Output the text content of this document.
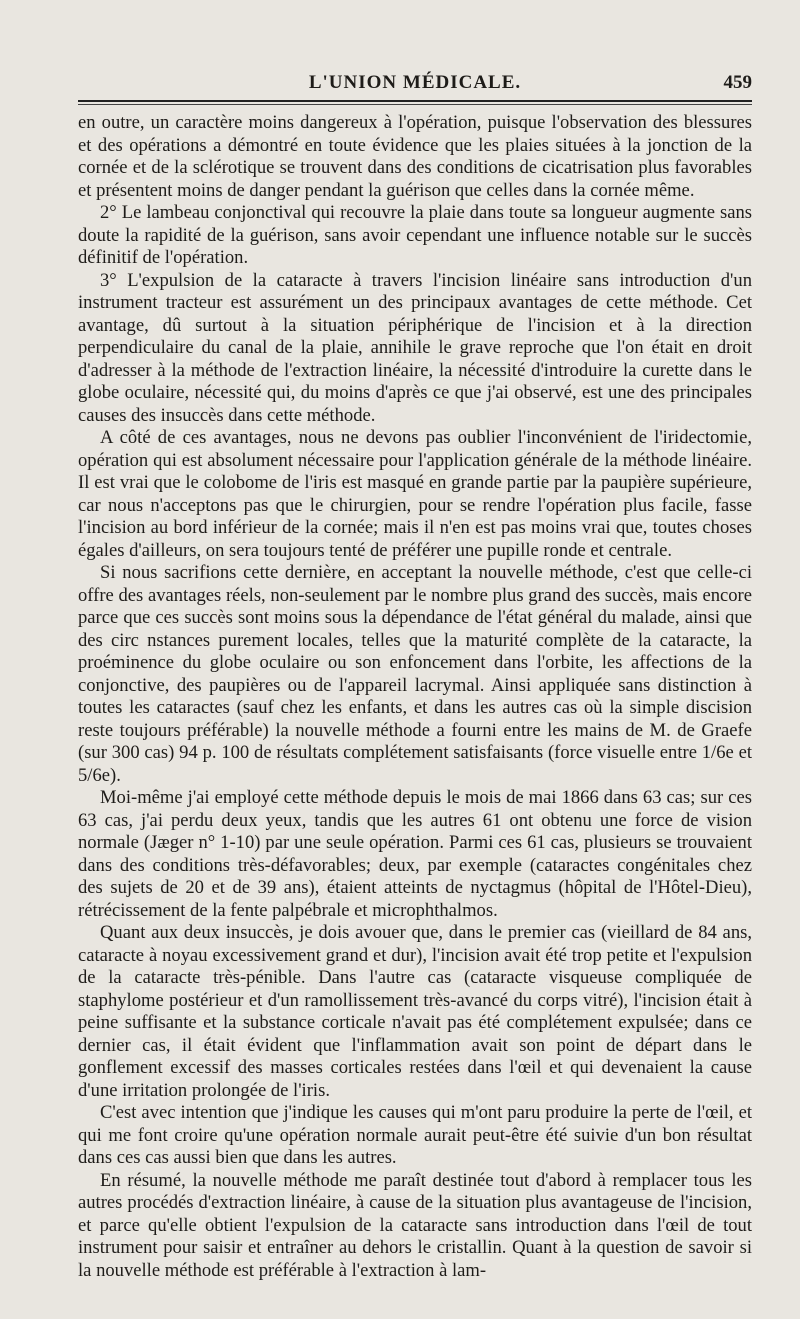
L'UNION MÉDICALE.	459

en outre, un caractère moins dangereux à l'opération, puisque l'observation des blessures et des opérations a démontré en toute évidence que les plaies situées à la jonction de la cornée et de la sclérotique se trouvent dans des conditions de cicatrisation plus favorables et présentent moins de danger pendant la guérison que celles dans la cornée même.

2° Le lambeau conjonctival qui recouvre la plaie dans toute sa longueur augmente sans doute la rapidité de la guérison, sans avoir cependant une influence notable sur le succès définitif de l'opération.

3° L'expulsion de la cataracte à travers l'incision linéaire sans introduction d'un instrument tracteur est assurément un des principaux avantages de cette méthode. Cet avantage, dû surtout à la situation périphérique de l'incision et à la direction perpendiculaire du canal de la plaie, annihile le grave reproche que l'on était en droit d'adresser à la méthode de l'extraction linéaire, la nécessité d'introduire la curette dans le globe oculaire, nécessité qui, du moins d'après ce que j'ai observé, est une des principales causes des insuccès dans cette méthode.

A côté de ces avantages, nous ne devons pas oublier l'inconvénient de l'iridectomie, opération qui est absolument nécessaire pour l'application générale de la méthode linéaire. Il est vrai que le colobome de l'iris est masqué en grande partie par la paupière supérieure, car nous n'acceptons pas que le chirurgien, pour se rendre l'opération plus facile, fasse l'incision au bord inférieur de la cornée; mais il n'en est pas moins vrai que, toutes choses égales d'ailleurs, on sera toujours tenté de préférer une pupille ronde et centrale.

Si nous sacrifions cette dernière, en acceptant la nouvelle méthode, c'est que celle-ci offre des avantages réels, non-seulement par le nombre plus grand des succès, mais encore parce que ces succès sont moins sous la dépendance de l'état général du malade, ainsi que des circ nstances purement locales, telles que la maturité complète de la cataracte, la proéminence du globe oculaire ou son enfoncement dans l'orbite, les affections de la conjonctive, des paupières ou de l'appareil lacrymal. Ainsi appliquée sans distinction à toutes les cataractes (sauf chez les enfants, et dans les autres cas où la simple discision reste toujours préférable) la nouvelle méthode a fourni entre les mains de M. de Graefe (sur 300 cas) 94 p. 100 de résultats complétement satisfaisants (force visuelle entre 1/6e et 5/6e).

Moi-même j'ai employé cette méthode depuis le mois de mai 1866 dans 63 cas; sur ces 63 cas, j'ai perdu deux yeux, tandis que les autres 61 ont obtenu une force de vision normale (Jæger n° 1-10) par une seule opération. Parmi ces 61 cas, plusieurs se trouvaient dans des conditions très-défavorables; deux, par exemple (cataractes congénitales chez des sujets de 20 et de 39 ans), étaient atteints de nyctagmus (hôpital de l'Hôtel-Dieu), rétrécissement de la fente palpébrale et microphthalmos.

Quant aux deux insuccès, je dois avouer que, dans le premier cas (vieillard de 84 ans, cataracte à noyau excessivement grand et dur), l'incision avait été trop petite et l'expulsion de la cataracte très-pénible. Dans l'autre cas (cataracte visqueuse compliquée de staphylome postérieur et d'un ramollissement très-avancé du corps vitré), l'incision était à peine suffisante et la substance corticale n'avait pas été complétement expulsée; dans ce dernier cas, il était évident que l'inflammation avait son point de départ dans le gonflement excessif des masses corticales restées dans l'œil et qui devenaient la cause d'une irritation prolongée de l'iris.

C'est avec intention que j'indique les causes qui m'ont paru produire la perte de l'œil, et qui me font croire qu'une opération normale aurait peut-être été suivie d'un bon résultat dans ces cas aussi bien que dans les autres.

En résumé, la nouvelle méthode me paraît destinée tout d'abord à remplacer tous les autres procédés d'extraction linéaire, à cause de la situation plus avantageuse de l'incision, et parce qu'elle obtient l'expulsion de la cataracte sans introduction dans l'œil de tout instrument pour saisir et entraîner au dehors le cristallin. Quant à la question de savoir si la nouvelle méthode est préférable à l'extraction à lam-
